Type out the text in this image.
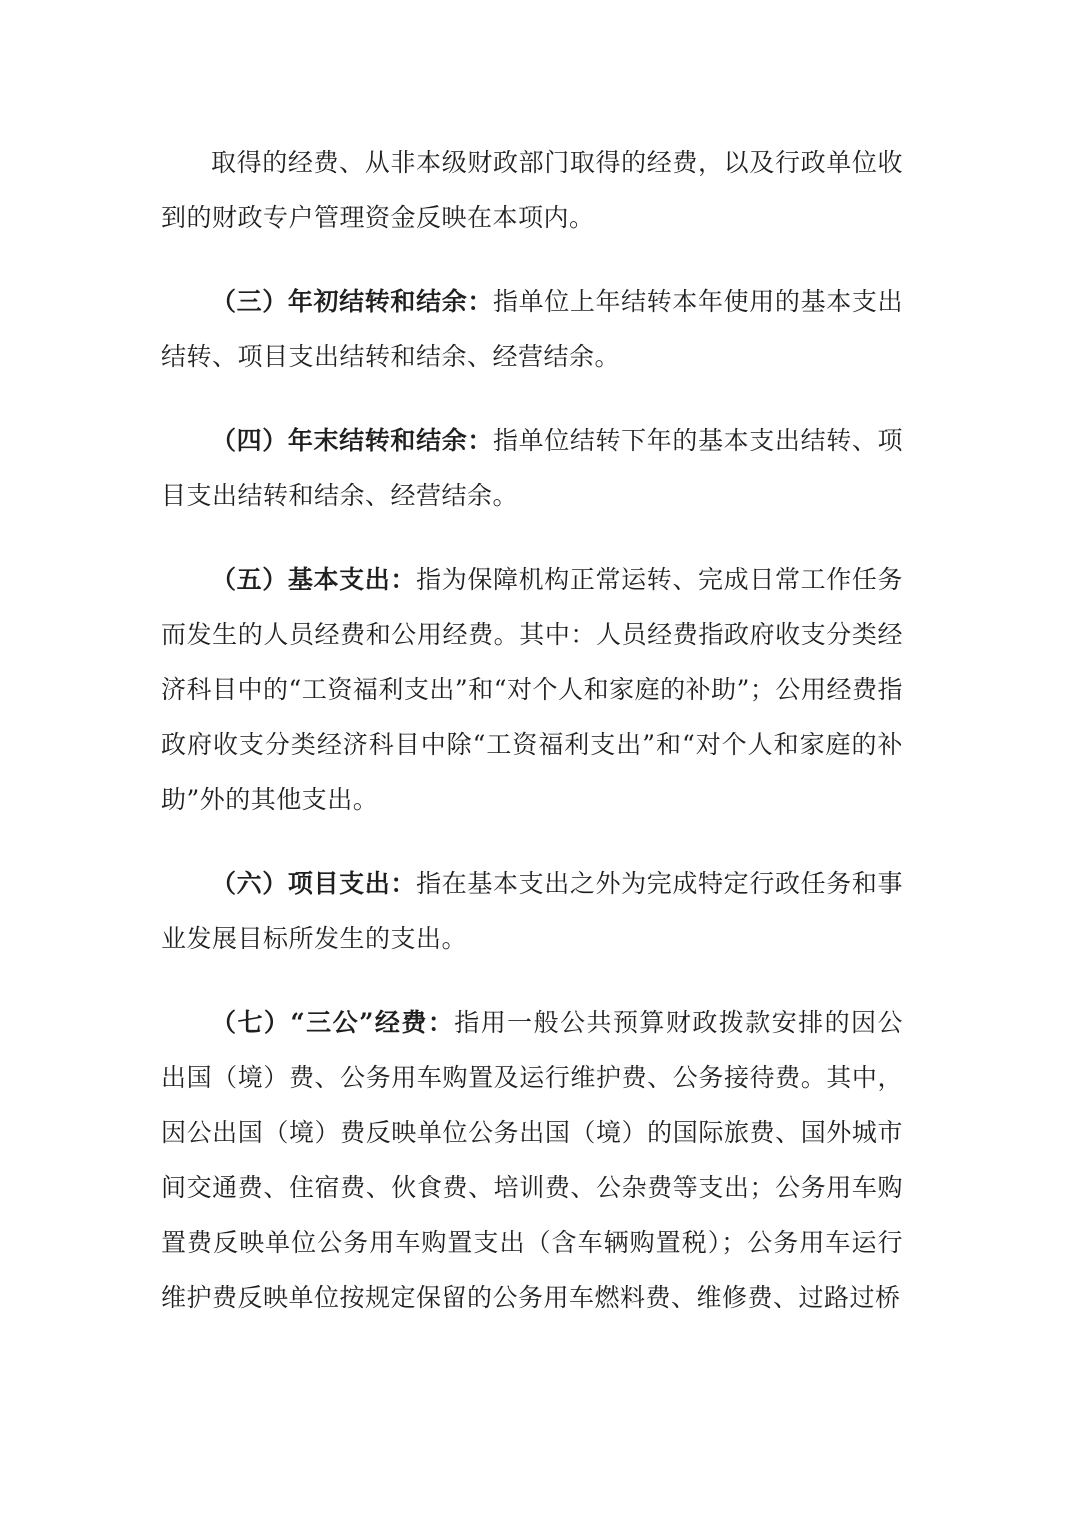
取得的经费、从非本级财政部门取得的经费，以及行政单位收到的财政专户管理资金反映在本项内。

（三）年初结转和结余：指单位上年结转本年使用的基本支出结转、项目支出结转和结余、经营结余。

（四）年末结转和结余：指单位结转下年的基本支出结转、项目支出结转和结余、经营结余。

（五）基本支出：指为保障机构正常运转、完成日常工作任务而发生的人员经费和公用经费。其中：人员经费指政府收支分类经济科目中的“工资福利支出”和“对个人和家庭的补助”；公用经费指政府收支分类经济科目中除“工资福利支出”和“对个人和家庭的补助”外的其他支出。

（六）项目支出：指在基本支出之外为完成特定行政任务和事业发展目标所发生的支出。

（七）“三公”经费：指用一般公共预算财政拨款安排的因公出国（境）费、公务用车购置及运行维护费、公务接待费。其中，因公出国（境）费反映单位公务出国（境）的国际旅费、国外城市间交通费、住宿费、伙食费、培训费、公杂费等支出；公务用车购置费反映单位公务用车购置支出（含车辆购置税）；公务用车运行维护费反映单位按规定保留的公务用车燃料费、维修费、过路过桥
